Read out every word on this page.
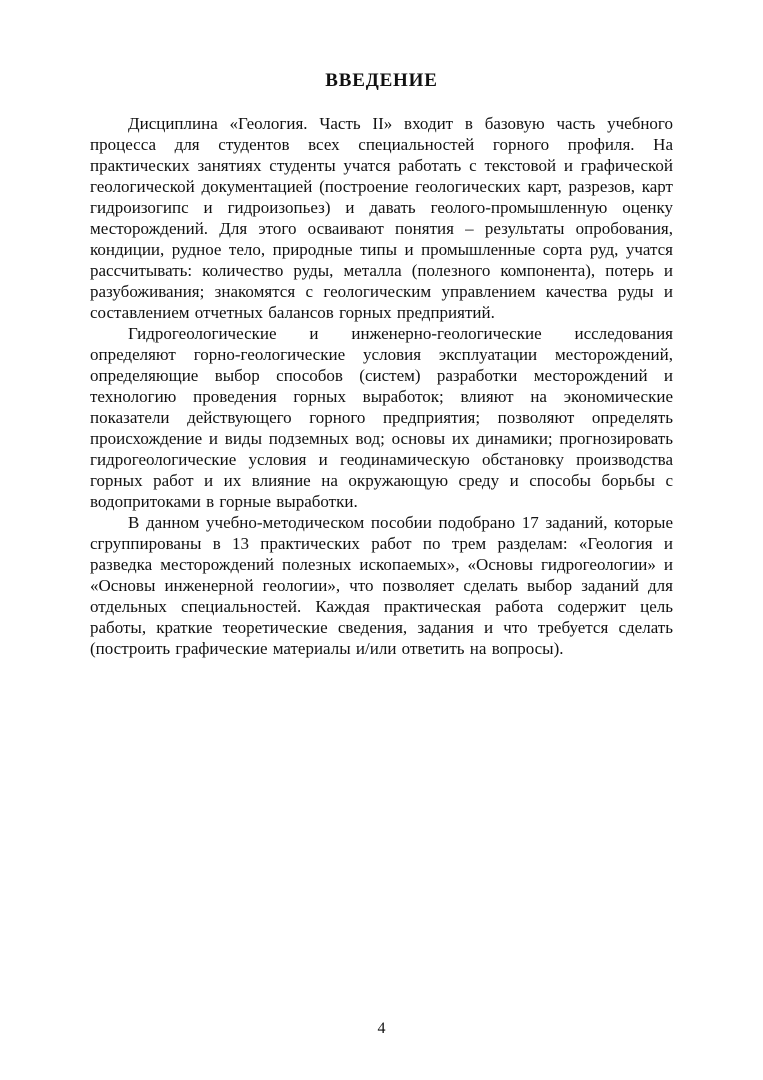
ВВЕДЕНИЕ

Дисциплина «Геология. Часть II» входит в базовую часть учебного процесса для студентов всех специальностей горного профиля. На практических занятиях студенты учатся работать с текстовой и графической геологической документацией (построение геологических карт, разрезов, карт гидроизогипс и гидроизопьез) и давать геолого-промышленную оценку месторождений. Для этого осваивают понятия – результаты опробования, кондиции, рудное тело, природные типы и промышленные сорта руд, учатся рассчитывать: количество руды, металла (полезного компонента), потерь и разубоживания; знакомятся с геологическим управлением качества руды и составлением отчетных балансов горных предприятий.

Гидрогеологические и инженерно-геологические исследования определяют горно-геологические условия эксплуатации месторождений, определяющие выбор способов (систем) разработки месторождений и технологию проведения горных выработок; влияют на экономические показатели действующего горного предприятия; позволяют определять происхождение и виды подземных вод; основы их динамики; прогнозировать гидрогеологические условия и геодинамическую обстановку производства горных работ и их влияние на окружающую среду и способы борьбы с водопритоками в горные выработки.

В данном учебно-методическом пособии подобрано 17 заданий, которые сгруппированы в 13 практических работ по трем разделам: «Геология и разведка месторождений полезных ископаемых», «Основы гидрогеологии» и «Основы инженерной геологии», что позволяет сделать выбор заданий для отдельных специальностей. Каждая практическая работа содержит цель работы, краткие теоретические сведения, задания и что требуется сделать (построить графические материалы и/или ответить на вопросы).

4
